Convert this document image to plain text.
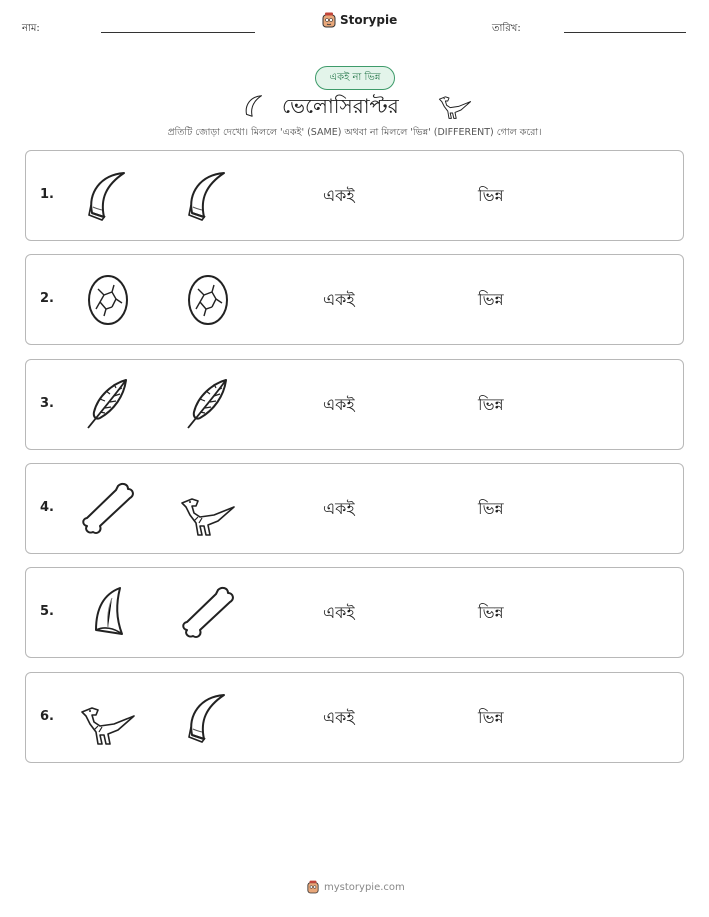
নাম:
Storypie
তারিখ:
একই না ভিন্ন
ভেলোসিরাপ্টর
প্রতিটি জোড়া দেখো। মিললে 'একই' (SAME) অথবা না মিললে 'ভিন্ন' (DIFFERENT) গোল করো।
1.	একই	ভিন্ন
2.	একই	ভিন্ন
3.	একই	ভিন্ন
4.	একই	ভিন্ন
5.	একই	ভিন্ন
6.	একই	ভিন্ন
mystorypie.com
